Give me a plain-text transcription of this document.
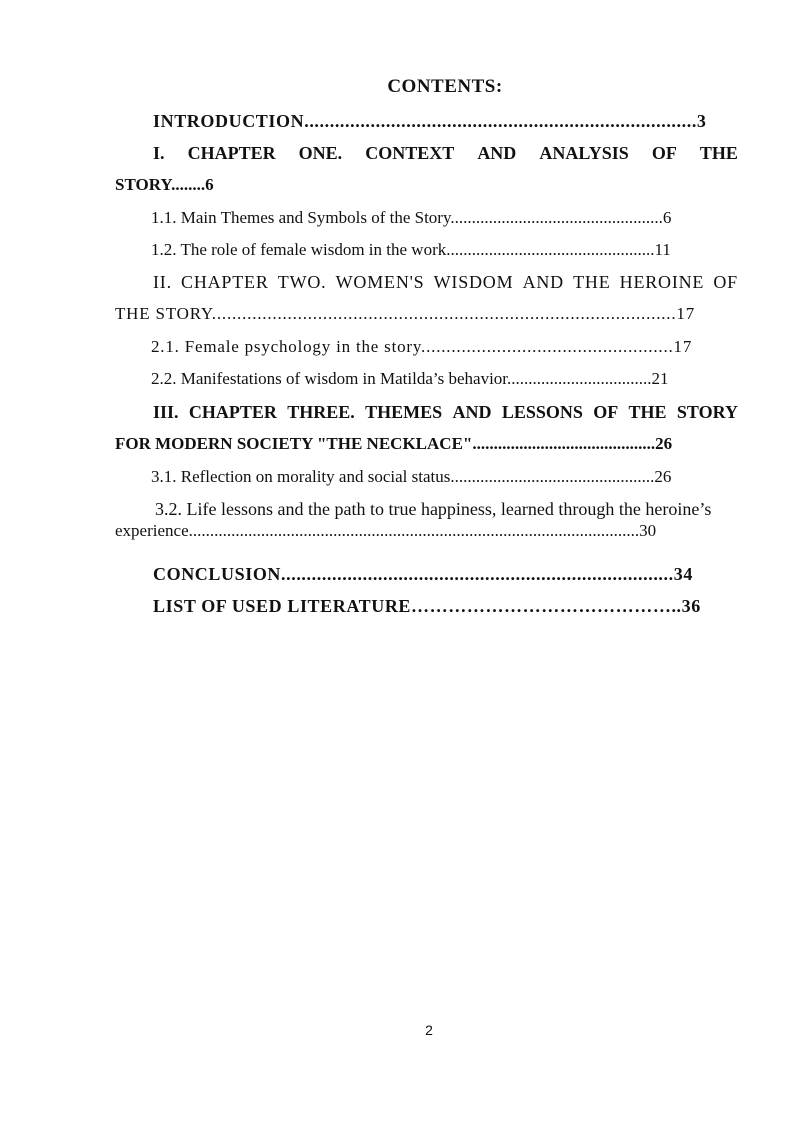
CONTENTS:
INTRODUCTION.............................................................................3
I. CHAPTER ONE. CONTEXT AND ANALYSIS OF THE
STORY........6
1.1. Main Themes and Symbols of the Story..................................................6
1.2. The role of female wisdom in the work.................................................11
II. CHAPTER TWO. WOMEN'S WISDOM AND THE HEROINE OF
THE STORY............................................................................................17
2.1. Female psychology in the story..................................................17
2.2. Manifestations of wisdom in Matilda’s behavior..................................21
III. CHAPTER THREE. THEMES AND LESSONS OF THE STORY
FOR MODERN SOCIETY "THE NECKLACE"...........................................26
3.1. Reflection on morality and social status................................................26
3.2. Life lessons and the path to true happiness, learned through the heroine’s
experience..........................................................................................................30
CONCLUSION.............................................................................34
LIST OF USED LITERATURE……………………………………..36
2
